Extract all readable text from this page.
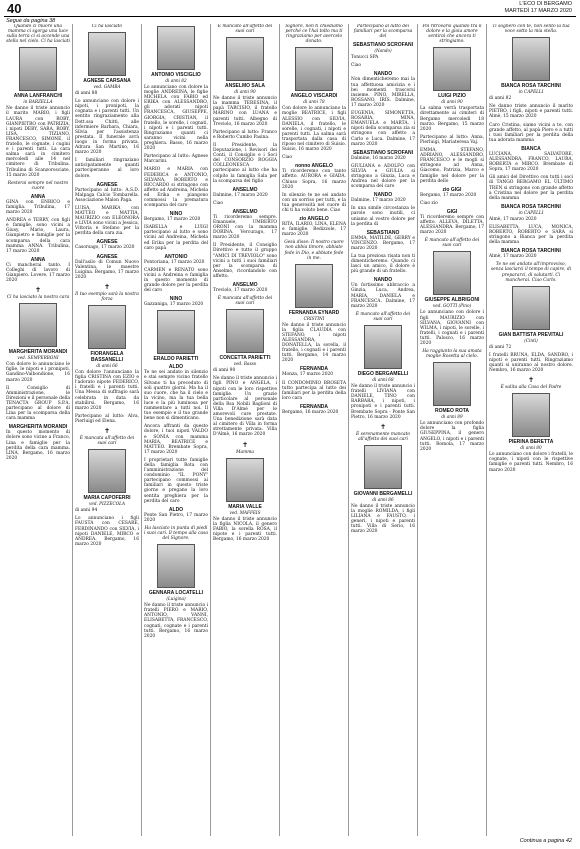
40	L'ECO DI BERGAMO
MARTEDÌ 17 MARZO 2020
Segue da pagina 38
Quando ci muore una mamma ci sgorga una luce sulla terra ci si accende una stella nel cielo. Ci ha lasciati
ANNA LANFRANCHI
in BARZELLA
Ne danno il triste annuncio il marito MARIO, i figli LAURA con ROBY, GIANPIETRO con PATRIZIA, i nipoti DEBY, SARA, ROBY, LISA, TIZIANO, FRANCESCO, SIMONE, il fratello, le cognate, i cugini e i parenti tutti. La cara salma sarà in cimitero mercoledì alle 14 nel cimitero di Tribulina. Tribulina di Scanzorosciate, 15 marzo 2020
Resterai sempre nel nostro cuore
ANNA
GINA con ENRICO e famiglia. Tribulina, 17 marzo 2020
ANDREA e TERRY, con figli e famiglie, sono vicini a Giusy, Mario, Laura, Gianpietro e famiglie per la scomparsa della cara mamma ANNA. Tribulina, 17 marzo 2020
ANNA
Ci mancherai tanto. I Colleghi di lavoro di Gianpiero. Lovere, 17 marzo 2020
✝
Ci ha lasciato la nostra cara
MARGHERITA MORANDI
ved. SEMPERBONI
Con dolore lo annunciano le figlie, le nipoti e i pronipoti. Gandino-Valbondione, 16 marzo 2020
Il Consiglio di Amministrazione, le Direzioni e il personale della TENACTA GROUP S.P.A. partecipano al dolore di Lina per la scomparsa della cara mamma
MARGHERITA MORANDI
In questo momento di dolore sono vicine a Franco, Lina e famiglie per la perdita della cara mamma. LINA, Bergamo, 16 marzo 2020
Ci ha lasciato
AGNESE CARSANA
ved. GAMBA
di anni 88
Lo annunciano con dolore i nipoti, i pronipoti, la cognata e i parenti tutti. Un sentito ringraziamento alla Dott.ssa Chitti, alle infermiere Barbara, Chiara, Silvia per l'assistenza prestata. Il funerale avrà luogo in forma privata. Adrara San Martino, 16 marzo 2020
I familiari ringraziano anticipatamente quanti parteciperanno al loro dolore.
AGNESE
Partecipano al lutto: A.S.D. Malpaga Calcio Tombarella. Associazione Malon Paga.
LUISA, MARIKA con MATTEO e MATTIA, MAURIZIO con ELEONORA e LIVIA sono vicini a Jessica, Vittoria e Stefano per la perdita della cara zia.
AGNESE
Casorsago, 17 marzo 2020
AGNESE
Dall'asilo di Comun Nuovo Valentina, le maestre Luigina. Bergamo, 17 marzo 2020
✝
Il tuo esempio sarà la nostra forza
FIORANGELA BASSANELLI
di anni 66
Con dolore l'annunciano la figlia CRISTINA con EZIO e l'adorato nipote FEDERICO, i fratelli e i parenti tutti. Una Messa di suffragio sarà celebrata in data da stabilirsi. Bergamo, 16 marzo 2020
Partecipano al lutto: Alva, Pierluigi ed Elena.
✝
È mancata all'affetto dei suoi cari
MARIA CAPOFERRI
ved. PIZZECOLA
di anni 94
Lo annunciano i figli FAUSTA con CESARE, FERDINANDO con SILVIA, i nipoti DANIELE, MIRCO e ANDREA. Bergamo, 16 marzo 2020
ANTONIO VISCIGLIO
di anni 82
Lo annunciano con dolore la moglie ANDREINA, le figlie MICHELA con FABIO ed ERIKA con ALESSANDRO, gli adorati nipoti FRANCESCA, GIUSEPPE, GIORGIA, CRISTIAN, il fratello, le sorelle, i cognati, i nipoti e i parenti tutti. Ringraziamo quanti ci saranno vicini nella preghiera. Basso, 16 marzo 2020
Partecipano al lutto: Agnese Marcarini.
MARIO e MARIA con FEDERICA e ANTONIO, SILVANA, ROBERTO e RICCARDO si stringono con affetto ad Andreina, Michela ed Erika e piangono commossi la prematura scomparsa del caro
NINO
Bergamo, 17 marzo 2020
ISABELLA e LUIGI partecipano al lutto e sono vicini ad Andreina, Michela ed Erika per la perdita del caro papà
ANTONIO
Pontoriana, 17 marzo 2020
CARMEN e RENATO sono vicini a Andreina e famiglia in questo momento di grande dolore per la perdita del caro
NINO
Gazzaniga, 17 marzo 2020
ERALDO PARIETTI
ALDO
Te ne sei andato in silenzio e stai sempre vicino fratello Silvano ti ha preceduto di soli quattro giorni. Ma ha il suo cuore, che ha il cielo e la vicino, ma la tua bella luce e la più luminosa per rammentare a tutti noi. Il tuo esempio e il tuo grande bene non si dimenticano.
Ancora affranti da questo dolore, i tuoi nipoti VALDO e SONIA con mamma MARIA, BEATRICE e MATTEO. Brembate Sopra, 17 marzo 2020
I proprietari tutte famiglie della famiglia Rota con l'amministrazione del condominio "IL PONY" partecipano commossi ai familiari in questo triste giorno e pregano la loro sentita preghiera per la perdita del caro
ALDO
Ponte San Pietro, 17 marzo 2020
Ha lasciato in punta di piedi i suoi cari. Il tempo alla casa del Signore.
GENNARA LOCATELLI
(Luigina)
Ne danno il triste annuncio i fratelli PIERO e MARIO, ANTONIO, VANNI, ELISABETTA, FRANCESCO, cognati, cognate e i parenti tutti. Bergamo, 16 marzo 2020
È mancato all'affetto dei suoi cari
ANSELMO SALA
di anni 90
Ne danno il triste annuncio la mamma TERESINA, il papà TARCISIO, il fratello MARINO con LUANA e parenti tutti. Albegno di Treviolo, 16 marzo 2020
Partecipano al lutto: Franco e Roberto Cumbo Pasina.
Il Presidente, la Deputazione, i Revisori dei Conti, il Consiglio e i Soci del CONSORZIO ROGGIA COLLEONESCA partecipano al lutto che ha colpito la famiglia Sala per la scomparsa del figlio
ANSELMO
Dalmine, 17 marzo 2020
Ciao
ANSELMO
Ti ricorderemo sempre. Emanuele, UMBERTO ORONI con la mamma DORINA. Vercurago, 17 marzo 2020
Il Presidente, il Consiglio Direttivo e tutto il gruppo "AMICI DI TREVIOLO" sono vicini a tutti i suoi familiari per la scomparsa di Anselmo, ricordandolo con affetto.
ANSELMO
Treviolo, 17 marzo 2020
È mancata all'affetto dei suoi cari
CONCETTA PARIETTI
ved. Basso
di anni 90
Ne danno il triste annuncio i figli PINO e ANGELA, i nipoti con le loro rispettive famiglie. Un grazie particolare al personale della Rsa Nobili Baglioni di Villa D'Almè per le amorevoli cure prestate. Una benedizione sarà data al cimitero di Villa in forma strettamente privata. Villa D'Almè, 16 marzo 2020
✝
Mamma
MARIA VALLE
ved. MAFFEIS
Ne danno il triste annuncio la figlia NICOLA, il genero FABIO, la sorella ROSA, il nipote e i parenti tutti. Bergamo, 16 marzo 2020
Signore, non ti chiediamo perché ce l'hai tolto ma ti ringraziamo per avercelo donato.
ANGELO VISCARDI
di anni 78
Con dolore lo annunciano la moglie BEATRICE, i figli ALESSIO con SILVIA, DANIELA, il fratello, le sorelle, i cognati, i nipoti e parenti tutti. La salma sarà trasportata dalla casa di riposo nel cimitero di Suisio. Suisio, 16 marzo 2020
Ciao
nonno ANGELO
Ti ricorderemo con tanto affetto. AURORA e GIADA. Chiuso Sopra, 16 marzo 2020
In silenzio te ne sei andato con un sorriso per tutti, e la tua generosità nel cuore di chi ti ha voluto bene. Ciao
zio ANGELO
RITA, ILARIO, LINA, ELENA e famiglie. Bedizzole, 17 marzo 2020
Gesù disse: Il nostro cuore non abbia timore, abbiate fede in Dio, e abbiate fede in me.
FERNANDA EYNARD
CRISTINI
Ne danno il triste annuncio la figlia CLAUDIA con STEFANO, i nipoti ALESSANDRA, DONATELLA, la sorella, il fratello, i cognati e i parenti tutti. Bergamo, 14 marzo 2020
FERNANDA
Monza, 17 marzo 2020
Il CONDOMINIO BROSETA tutto partecipa al lutto dei familiari per la perdita della loro cara
FERNANDA
Bergamo, 16 marzo 2020
Partecipano al lutto dei familiari per la scomparsa del
SEBASTIANO SCROFANI
(Nando)
Tonucci SPA
Ciao
NANDO
Non dimenticheremo mai la tua affettuosa amicizia e i bei momenti trascorsi insieme. PINO, MIRELLA, ROSSANO, IRIS. Dalmine, 17 marzo 2020
EUGENIA, SIMONETTA, ROSARIA, MINA, EMANUELA e MARTA, i nipoti della scomparsa zia si stringono con affetto a Carlo e Luca. Dalmine, 17 marzo 2020
SEBASTIANO SCROFANI
Dalmine, 16 marzo 2020
GIULIANA e ADOLFO con SILVIA e GIULIA si stringono a Ginzia, Luca e Andrea nel dolore per la scomparsa del caro
NANDO
Dalmine, 17 marzo 2020
In una simile circostanza le parole sono inutili, ci uniamo al vostro dolore per la perdita di
SEBASTIANO
EMMA, MATILDE, GERRY e VINCENZO. Bergamo, 17 marzo 2020
La tua preziosa risata non ti dimenticheremo. Quando ci lasci un amico, il dolore è più grande di un fratello.
NANDO
Un fortissimo abbraccio a Ginzia, Luca, Andrea, MARIA, DANIELA e FRANCESCA. Dalmine, 17 marzo 2020
È mancato all'affetto dei suoi cari
DIEGO BERGAMELLI
di anni 68
Ne danno il triste annuncio i fratelli LIVIANA con DANIELE, TINO con BARBARA, i nipoti, i pronipoti e i parenti tutti. Brembate Sopra - Ponte San Pietro, 16 marzo 2020
✝
È serenamente mancato all'affetto dei suoi cari
GIOVANNI BERGAMELLI
di anni 86
Ne danno il triste annuncio la moglie ROMILDA, i figli LILIANA e FAUSTO, i generi, i nipoti e parenti tutti. Villa di Serio, 16 marzo 2020
Poi ritrovarsi quando tra il dolore e la gioia amore sentirai che ancora ti stringiamo.
LUIGI PIZIO
di anni 90
La salma verrà trasportata direttamente ai cimiteri di Bergamo mercoledì 18 marzo. Bergamo, 15 marzo 2020
Partecipano al lutto: Anna, Pierluigi, Mariateresa Vaj.
EMMA, STEFANO, ADRIANO, ALESSANDRO, FRANCESCO e le mogli si stringono ad Anna, Giacomo, Patrizia, Marco e famiglie nel dolore per la perdita dello
zio GIGI
Bergamo, 17 marzo 2020
Ciao zio
GIGI
Ti ricorderemo sempre con affetto. ALLEVA, DILETTA, ALESSANDRA. Bergamo, 17 marzo 2020
È mancato all'affetto dei suoi cari
GIUSEPPE ALBRIGONI
ved. GOTTI (Pino)
Lo annunciano con dolore i figli MAURIZIO con SILVANA, GIOVANNI con WILMA, i nipoti, le sorelle, i fratelli, i cognati e i parenti tutti. Palosco, 16 marzo 2020
Ha raggiunto la sua amata moglie Rosetta al cielo.
ROMEO ROTA
di anni 89
Lo annunciano con profondo dolore la figlia GIUSEPPINA, il genero ANGELO, i nipoti e i parenti tutti. Romola, 17 marzo 2020
Ti sognerò con te, non sento la tua voce sotto la mia stella.
BIANCA ROSA TARCHINI
in CAPELLI
di anni 82
Ne danno triste annuncio il marito PIETRO, i figli, nipoti e parenti tutti. Almè, 15 marzo 2020
Caro Cristina, siamo vicini a te, con grande affetto, al papà Piero e a tutti i tuoi familiari per la perdita della tua adorata mamma
BIANCA
LUCIANA, SALVATORE, ALESSANDRA, FRANCO, LAURA, ROBERTA e MIRCO. Brembate di Sopra, 17 marzo 2020
Gli amici del Direttivo con tutti i soci di TANGO BERGAMO EL ÚLTIMO TREN si stringono con grande affetto a Cristina nel dolore per la perdita della mamma
BIANCA ROSA TARCHINI
in CAPELLI
Almè, 17 marzo 2020
ELISABETTA, LUCA, MONICA, ROBERTO, ROBERTO e SARA si stringono a Bianca per la perdita della mamma
BIANCA ROSA TARCHINI
Almè, 17 marzo 2020
Te ne sei andato all'improvviso, senza lasciarci il tempo di capire, di prepararci, di salutarti. Ci mancherai. Ciao Carlo.
GIAN BATTISTA PREVITALI
(Cinti)
di anni 72
I fratelli BRUNA, ELDA, SANDRO, i nipoti e parenti tutti. Ringraziamo quanti si uniranno al nostro dolore. Nembro, 16 marzo 2020
✝
È salita alla Casa del Padre
PIERINA BERETTA
di anni 80
Lo annunciano con dolore i fratelli, le cognate, i nipoti con le rispettive famiglie e parenti tutti. Nembro, 16 marzo 2020
Continua a pagina 42
